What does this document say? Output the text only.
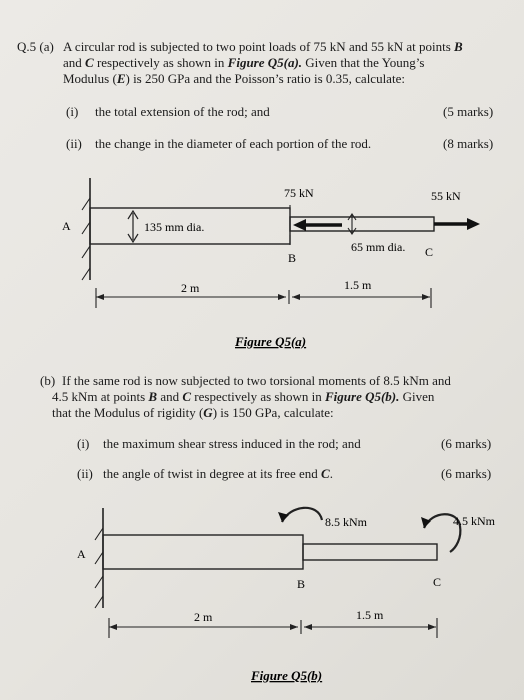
Q.5 (a) A circular rod is subjected to two point loads of 75 kN and 55 kN at points B
and C respectively as shown in Figure Q5(a). Given that the Young’s
Modulus (E) is 250 GPa and the Poisson’s ratio is 0.35, calculate:
(i) the total extension of the rod; and	(5 marks)
(ii) the change in the diameter of each portion of the rod.	(8 marks)
A	135 mm dia.
75 kN	55 kN
B
65 mm dia. C
2 m	1.5 m
Figure Q5(a)
(b) If the same rod is now subjected to two torsional moments of 8.5 kNm and
4.5 kNm at points B and C respectively as shown in Figure Q5(b). Given
that the Modulus of rigidity (G) is 150 GPa, calculate:
(i) the maximum shear stress induced in the rod; and	(6 marks)
(ii) the angle of twist in degree at its free end C.	(6 marks)
A
8.5 kNm	4.5 kNm
B	C
2 m	1.5 m
Figure Q5(b)
